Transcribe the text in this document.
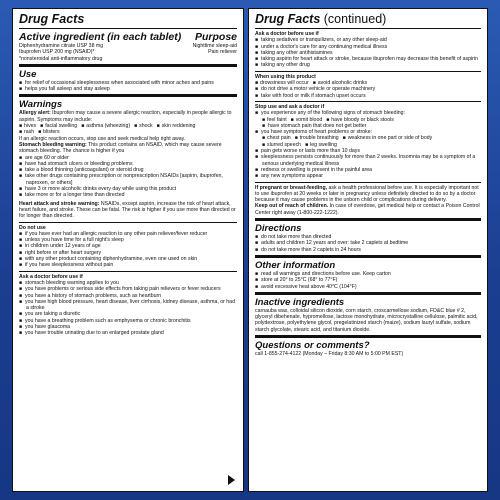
Drug Facts
Active ingredient (in each tablet) Purpose
Diphenhydramine citrate USP 38 mg	Nighttime sleep-aid
Ibuprofen USP 200 mg (NSAID)*	Pain reliever
*nonsteroidal anti-inflammatory drug
Use
■ for relief of occasional sleeplessness when associated with minor aches and pains
■ helps you fall asleep and stay asleep
Warnings
Allergy alert: Ibuprofen may cause a severe allergic reaction, especially in people allergic to aspirin. Symptoms may include:
■ hives ■ facial swelling ■ asthma (wheezing) ■ shock ■ skin reddening
■ rash ■ blisters
If an allergic reaction occurs, stop use and seek medical help right away.
Stomach bleeding warning: This product contains an NSAID, which may cause severe stomach bleeding. The chance is higher if you
■ are age 60 or older
■ have had stomach ulcers or bleeding problems
■ take a blood thinning (anticoagulant) or steroid drug
■ take other drugs containing prescription or nonprescription NSAIDs [aspirin, ibuprofen, naproxen, or others]
■ have 3 or more alcoholic drinks every day while using this product
■ take more or for a longer time than directed
Heart attack and stroke warning: NSAIDs, except aspirin, increase the risk of heart attack, heart failure, and stroke. These can be fatal. The risk is higher if you use more than directed or for longer than directed.
Do not use
■ if you have ever had an allergic reaction to any other pain reliever/fever reducer
■ unless you have time for a full night's sleep
■ in children under 12 years of age
■ right before or after heart surgery
■ with any other product containing diphenhydramine, even one used on skin
■ if you have sleeplessness without pain
Ask a doctor before use if
■ stomach bleeding warning applies to you
■ you have problems or serious side effects from taking pain relievers or fever reducers
■ you have a history of stomach problems, such as heartburn
■ you have high blood pressure, heart disease, liver cirrhosis, kidney disease, asthma, or had a stroke
■ you are taking a diuretic
■ you have a breathing problem such as emphysema or chronic bronchitis
■ you have glaucoma
■ you have trouble urinating due to an enlarged prostate gland
Drug Facts (continued)
Ask a doctor before use if
■ taking sedatives or tranquilizers, or any other sleep-aid
■ under a doctor's care for any continuing medical illness
■ taking any other antihistamines
■ taking aspirin for heart attack or stroke, because ibuprofen may decrease this benefit of aspirin
■ taking any other drug
When using this product
■ drowsiness will occur ■ avoid alcoholic drinks
■ do not drive a motor vehicle or operate machinery
■ take with food or milk if stomach upset occurs
Stop use and ask a doctor if
■ you experience any of the following signs of stomach bleeding:
■ feel faint ■ vomit blood ■ have bloody or black stools
■ have stomach pain that does not get better
■ you have symptoms of heart problems or stroke:
■ chest pain ■ trouble breathing ■ weakness in one part or side of body
■ slurred speech ■ leg swelling
■ pain gets worse or lasts more than 10 days
■ sleeplessness persists continuously for more than 2 weeks. Insomnia may be a symptom of a serious underlying medical illness
■ redness or swelling is present in the painful area
■ any new symptoms appear
If pregnant or breast-feeding, ask a health professional before use. It is especially important not to use ibuprofen at 20 weeks or later in pregnancy unless definitely directed to do so by a doctor because it may cause problems in the unborn child or complications during delivery.
Keep out of reach of children. In case of overdose, get medical help or contact a Poison Control Center right away (1-800-222-1222).
Directions
■ do not take more than directed
■ adults and children 12 years and over: take 2 caplets at bedtime
■ do not take more than 2 caplets in 24 hours
Other information
■ read all warnings and directions before use. Keep carton
■ store at 20° to 25°C (68° to 77°F)
■ avoid excessive heat above 40°C (104°F)
Inactive ingredients
carnauba wax, colloidal silicon dioxide, corn starch, croscarmellose sodium, FD&C blue # 2, glyceryl dibehenate, hypromellose, lactose monohydrate, microcrystalline cellulose, palmitic acid, polydextrose, polyethylene glycol, pregelatinized starch (maize), sodium lauryl sulfate, sodium starch glycolate, stearic acid, and titanium dioxide.
Questions or comments?
call 1-855-274-4122 (Monday – Friday 8:30 AM to 5:00 PM EST)
